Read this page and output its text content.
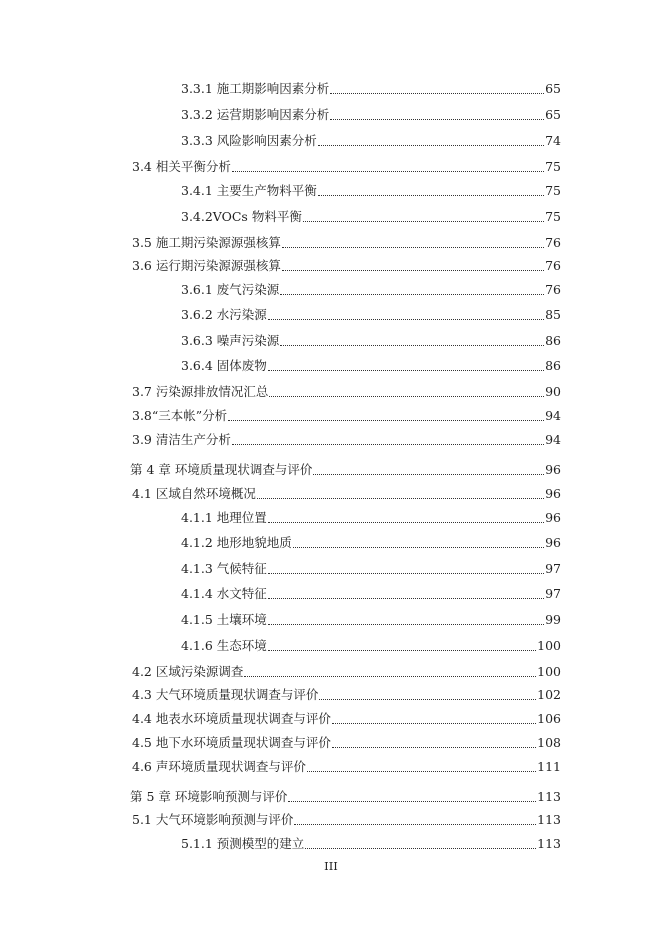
3.3.1 施工期影响因素分析	65
3.3.2 运营期影响因素分析	65
3.3.3 风险影响因素分析	74
3.4 相关平衡分析	75
3.4.1 主要生产物料平衡	75
3.4.2VOCs 物料平衡	75
3.5 施工期污染源源强核算	76
3.6 运行期污染源源强核算	76
3.6.1 废气污染源	76
3.6.2 水污染源	85
3.6.3 噪声污染源	86
3.6.4 固体废物	86
3.7 污染源排放情况汇总	90
3.8“三本帐”分析	94
3.9 清洁生产分析	94
第 4 章 环境质量现状调查与评价	96
4.1 区域自然环境概况	96
4.1.1 地理位置	96
4.1.2 地形地貌地质	96
4.1.3 气候特征	97
4.1.4 水文特征	97
4.1.5 土壤环境	99
4.1.6 生态环境	100
4.2 区域污染源调查	100
4.3 大气环境质量现状调查与评价	102
4.4 地表水环境质量现状调查与评价	106
4.5 地下水环境质量现状调查与评价	108
4.6 声环境质量现状调查与评价	111
第 5 章 环境影响预测与评价	113
5.1 大气环境影响预测与评价	113
5.1.1 预测模型的建立	113
III
